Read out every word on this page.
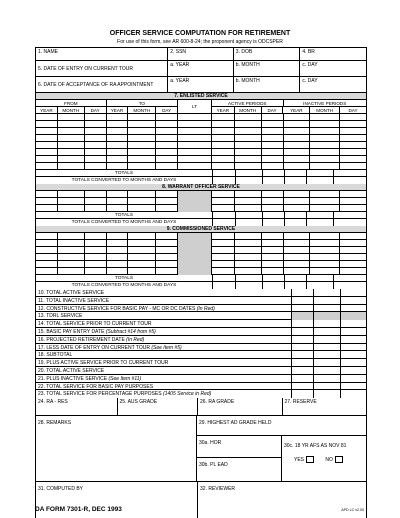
OFFICER SERVICE COMPUTATION FOR RETIREMENT
For use of this form, see AR 600-8-24; the proponent agency is ODCSPER
1. NAME	2. SSN	3. DOB	4. BR
5. DATE OF ENTRY ON CURRENT TOUR
a. YEAR	b. MONTH	c. DAY
6. DATE OF ACCEPTANCE OF RA APPOINTMENT
a. YEAR	b. MONTH	c. DAY
7. ENLISTED SERVICE
FROM	TO
LT
ACTIVE PERIODS	INACTIVE PERIODS
YEAR	MONTH	DAY	YEAR	MONTH	DAY	YEAR	MONTH	DAY	YEAR	MONTH	DAY
TOTALS
TOTALS CONVERTED TO MONTHS AND DAYS
8. WARRANT OFFICER SERVICE
TOTALS
TOTALS CONVERTED TO MONTHS AND DAYS
9. COMMISSIONED SERVICE
TOTALS
TOTALS CONVERTED TO MONTHS AND DAYS
10. TOTAL ACTIVE SERVICE
11. TOTAL INACTIVE SERVICE
12. CONSTRUCTIVE SERVICE FOR BASIC PAY - MC OR DC DATES (In Red)
13. TDRL SERVICE
14. TOTAL SERVICE PRIOR TO CURRENT TOUR
15. BASIC PAY ENTRY DATE (Subtract #14 from #5)
16. PROJECTED RETIREMENT DATE (In Red)
17. LESS DATE OF ENTRY ON CURRENT TOUR (See Item #5)
18. SUBTOTAL
19. PLUS ACTIVE SERVICE PRIOR TO CURRENT TOUR
20. TOTAL ACTIVE SERVICE
21. PLUS INACTIVE SERVICE (See Item #11)
22. TOTAL SERVICE FOR BASIC PAY PURPOSES
23. TOTAL SERVICE FOR PERCENTAGE PURPOSES (1405 Service in Red)
24. RA - RES	25. AUS GRADE	26. RA GRADE	27. RESERVE
28. REMARKS	29. HIGHEST AD GRADE HELD
30a. HOR
30b. PL EAD
30c. 18 YR AFS AS NOV 81
YES	NO
31. COMPUTED BY	32. REVIEWER
DA FORM 7301-R, DEC 1993	APD LC v2.00
